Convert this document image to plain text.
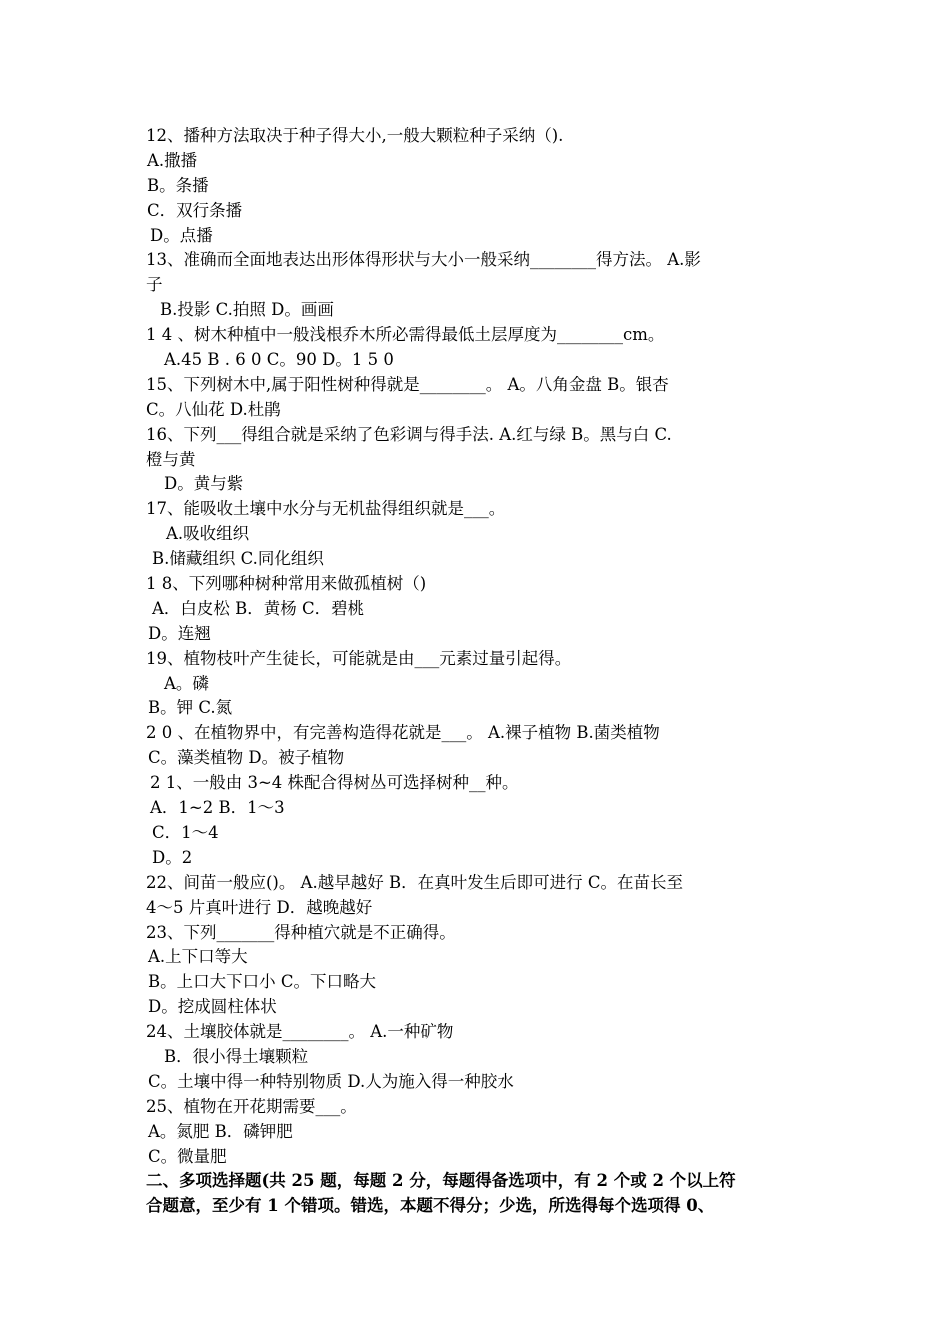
12、播种方法取决于种子得大小,一般大颗粒种子采纳（).
A.撒播
B。条播
C．双行条播
D。点播
13、准确而全面地表达出形体得形状与大小一般采纳________得方法。 A.影
子
B.投影 C.拍照 D。画画
1 4 、树木种植中一般浅根乔木所必需得最低土层厚度为________cm。
A.45 B . 6 0 C。90 D。1 5 0
15、下列树木中,属于阳性树种得就是________。 A。八角金盘 B。银杏
C。八仙花 D.杜鹃
16、下列___得组合就是采纳了色彩调与得手法. A.红与绿 B。黑与白 C.
橙与黄
D。黄与紫
17、能吸收土壤中水分与无机盐得组织就是___。
A.吸收组织
B.储藏组织 C.同化组织
1 8、下列哪种树种常用来做孤植树（)
A．白皮松 B．黄杨 C．碧桃
D。连翘
19、植物枝叶产生徒长，可能就是由___元素过量引起得。
A。磷
B。钾 C.氮
2 0 、在植物界中，有完善构造得花就是___。 A.裸子植物 B.菌类植物
C。藻类植物 D。被子植物
2 1、一般由 3~4 株配合得树丛可选择树种__种。
A．1~2 B．1～3
C．1～4
D。2
22、间苗一般应()。 A.越早越好 B．在真叶发生后即可进行 C。在苗长至
4～5 片真叶进行 D．越晚越好
23、下列_______得种植穴就是不正确得。
A.上下口等大
B。上口大下口小 C。下口略大
D。挖成圆柱体状
24、土壤胶体就是________。 A.一种矿物
B．很小得土壤颗粒
C。土壤中得一种特别物质 D.人为施入得一种胶水
25、植物在开花期需要___。
A。氮肥 B．磷钾肥
C。微量肥
二、多项选择题(共 25 题，每题 2 分，每题得备选项中，有 2 个或 2 个以上符
合题意，至少有 1 个错项。错选，本题不得分；少选，所选得每个选项得 0、
